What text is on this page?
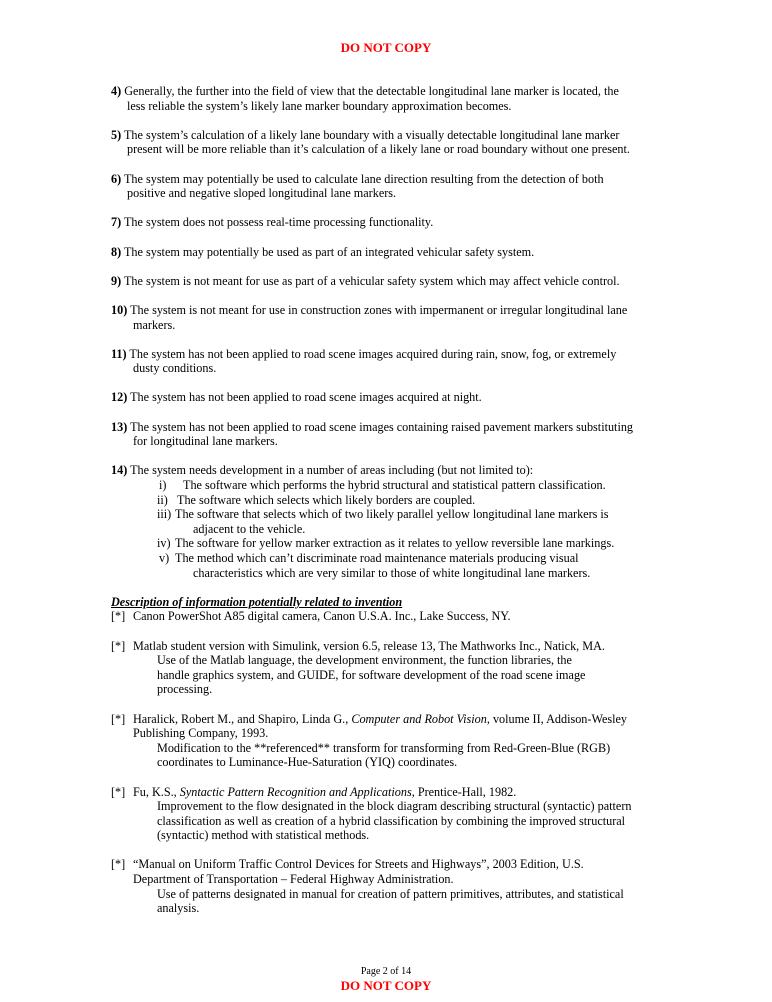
DO NOT COPY
4) Generally, the further into the field of view that the detectable longitudinal lane marker is located, the
less reliable the system’s likely lane marker boundary approximation becomes.
5) The system’s calculation of a likely lane boundary with a visually detectable longitudinal lane marker
present will be more reliable than it’s calculation of a likely lane or road boundary without one present.
6) The system may potentially be used to calculate lane direction resulting from the detection of both
positive and negative sloped longitudinal lane markers.
7) The system does not possess real-time processing functionality.
8) The system may potentially be used as part of an integrated vehicular safety system.
9) The system is not meant for use as part of a vehicular safety system which may affect vehicle control.
10) The system is not meant for use in construction zones with impermanent or irregular longitudinal lane
markers.
11) The system has not been applied to road scene images acquired during rain, snow, fog, or extremely
dusty conditions.
12) The system has not been applied to road scene images acquired at night.
13) The system has not been applied to road scene images containing raised pavement markers substituting
for longitudinal lane markers.
14) The system needs development in a number of areas including (but not limited to):
i)	The software which performs the hybrid structural and statistical pattern classification.
ii) The software which selects which likely borders are coupled.
iii) The software that selects which of two likely parallel yellow longitudinal lane markers is
adjacent to the vehicle.
iv) The software for yellow marker extraction as it relates to yellow reversible lane markings.
v) The method which can’t discriminate road maintenance materials producing visual
characteristics which are very similar to those of white longitudinal lane markers.
Description of information potentially related to invention
[*] Canon PowerShot A85 digital camera, Canon U.S.A. Inc., Lake Success, NY.
[*] Matlab student version with Simulink, version 6.5, release 13, The Mathworks Inc., Natick, MA.
Use of the Matlab language, the development environment, the function libraries, the
handle graphics system, and GUIDE, for software development of the road scene image
processing.
[*] Haralick, Robert M., and Shapiro, Linda G., Computer and Robot Vision, volume II, Addison-Wesley
Publishing Company, 1993.
Modification to the **referenced** transform for transforming from Red-Green-Blue (RGB)
coordinates to Luminance-Hue-Saturation (YIQ) coordinates.
[*] Fu, K.S., Syntactic Pattern Recognition and Applications, Prentice-Hall, 1982.
Improvement to the flow designated in the block diagram describing structural (syntactic) pattern
classification as well as creation of a hybrid classification by combining the improved structural
(syntactic) method with statistical methods.
[*] “Manual on Uniform Traffic Control Devices for Streets and Highways”, 2003 Edition, U.S.
Department of Transportation – Federal Highway Administration.
Use of patterns designated in manual for creation of pattern primitives, attributes, and statistical
analysis.
Page 2 of 14
DO NOT COPY
